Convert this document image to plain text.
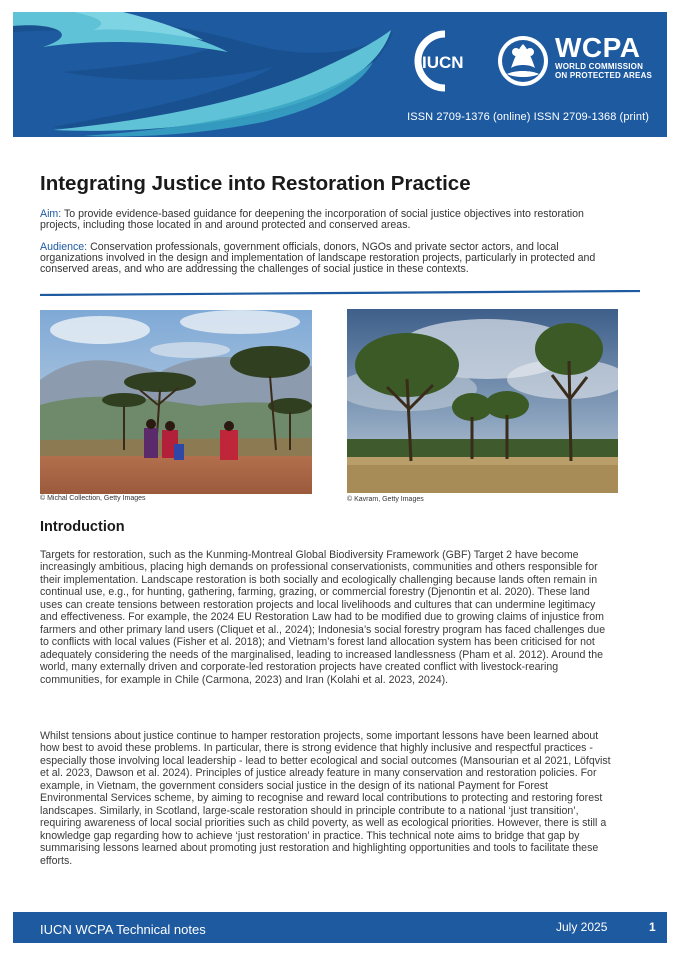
IUCN	WCPA
WORLD COMMISSION
ON PROTECTED AREAS
ISSN 2709-1376 (online) ISSN 2709-1368 (print)
Integrating Justice into Restoration Practice
Aim: To provide evidence-based guidance for deepening the incorporation of social justice objectives into restoration projects, including those located in and around protected and conserved areas.
Audience: Conservation professionals, government officials, donors, NGOs and private sector actors, and local organizations involved in the design and implementation of landscape restoration projects, particularly in protected and conserved areas, and who are addressing the challenges of social justice in these contexts.
© Michal Collection, Getty Images	© Kavram, Getty Images
Introduction
Targets for restoration, such as the Kunming-Montreal Global Biodiversity Framework (GBF) Target 2 have become increasingly ambitious, placing high demands on professional conservationists, communities and others responsible for their implementation. Landscape restoration is both socially and ecologically challenging because lands often remain in continual use, e.g., for hunting, gathering, farming, grazing, or commercial forestry (Djenontin et al. 2020). These land uses can create tensions between restoration projects and local livelihoods and cultures that can undermine legitimacy and effectiveness. For example, the 2024 EU Restoration Law had to be modified due to growing claims of injustice from farmers and other primary land users (Cliquet et al., 2024); Indonesia’s social forestry program has faced challenges due to conflicts with local values (Fisher et al. 2018); and Vietnam’s forest land allocation system has been criticised for not adequately considering the needs of the marginalised, leading to increased landlessness (Pham et al. 2012). Around the world, many externally driven and corporate-led restoration projects have created conflict with livestock-rearing communities, for example in Chile (Carmona, 2023) and Iran (Kolahi et al. 2023, 2024).
Whilst tensions about justice continue to hamper restoration projects, some important lessons have been learned about how best to avoid these problems. In particular, there is strong evidence that highly inclusive and respectful practices - especially those involving local leadership - lead to better ecological and social outcomes (Mansourian et al 2021, Löfqvist et al. 2023, Dawson et al. 2024). Principles of justice already feature in many conservation and restoration policies. For example, in Vietnam, the government considers social justice in the design of its national Payment for Forest Environmental Services scheme, by aiming to recognise and reward local contributions to protecting and restoring forest landscapes. Similarly, in Scotland, large-scale restoration should in principle contribute to a national ‘just transition’, requiring awareness of local social priorities such as child poverty, as well as ecological priorities. However, there is still a knowledge gap regarding how to achieve ‘just restoration’ in practice. This technical note aims to bridge that gap by summarising lessons learned about promoting just restoration and highlighting opportunities and tools to facilitate these efforts.
IUCN WCPA Technical notes	July 2025	1
